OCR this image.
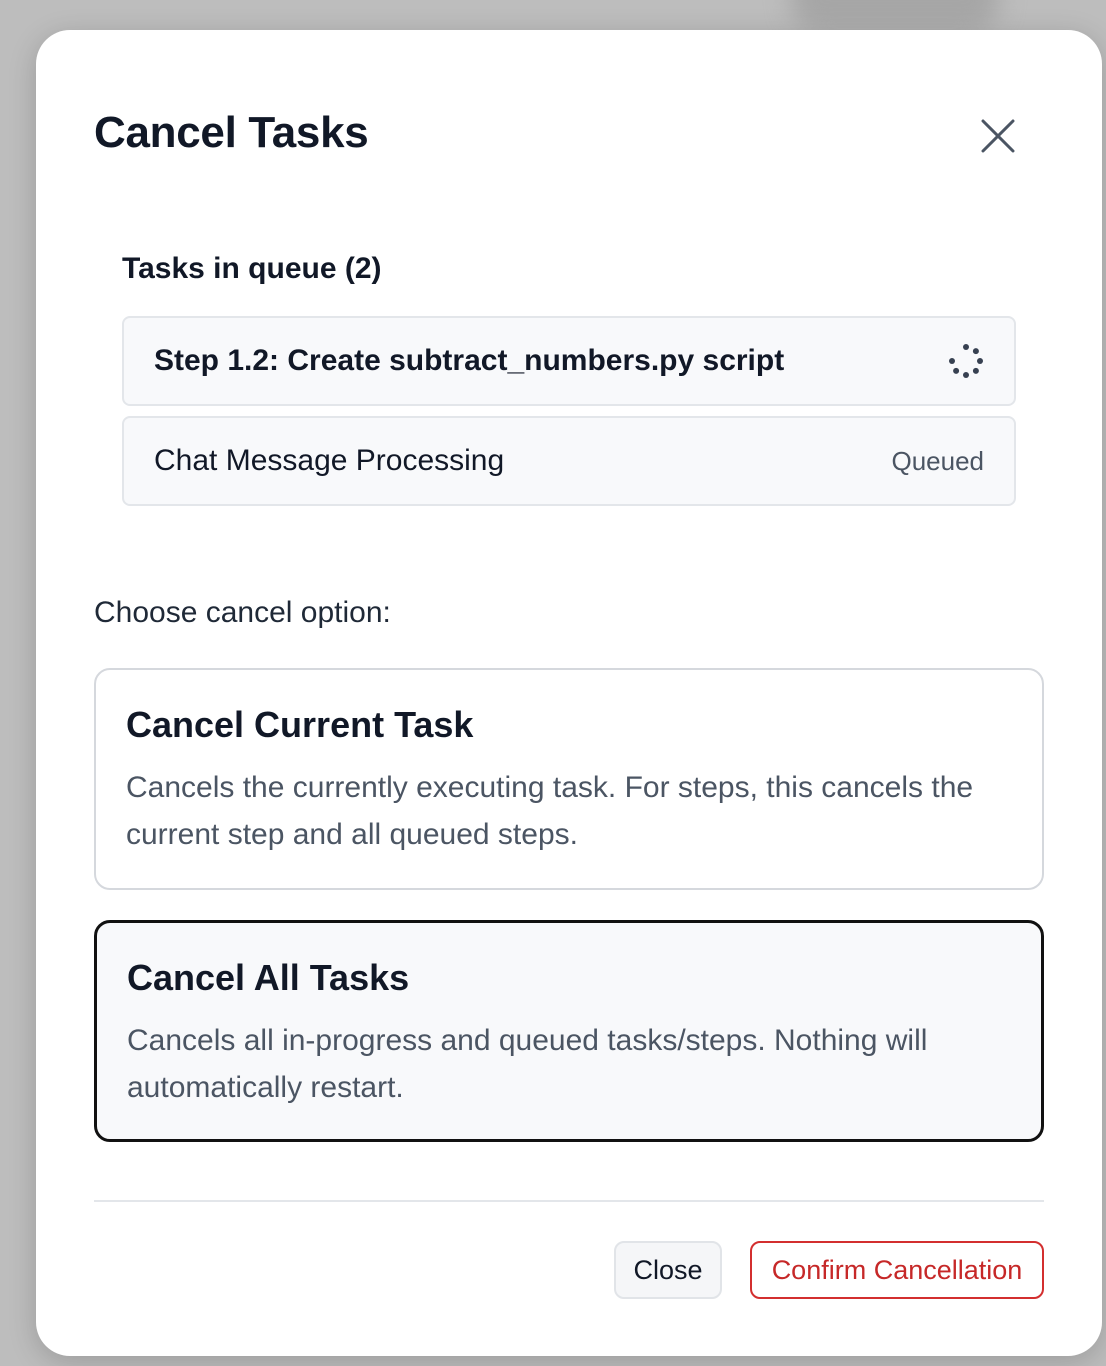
Cancel Tasks
Tasks in queue (2)
Step 1.2: Create subtract_numbers.py script
Chat Message Processing	Queued

Choose cancel option:

Cancel Current Task

Cancels the currently executing task. For steps, this cancels the current step and all queued steps.

Cancel All Tasks

Cancels all in-progress and queued tasks/steps. Nothing will automatically restart.

Close	Confirm Cancellation
